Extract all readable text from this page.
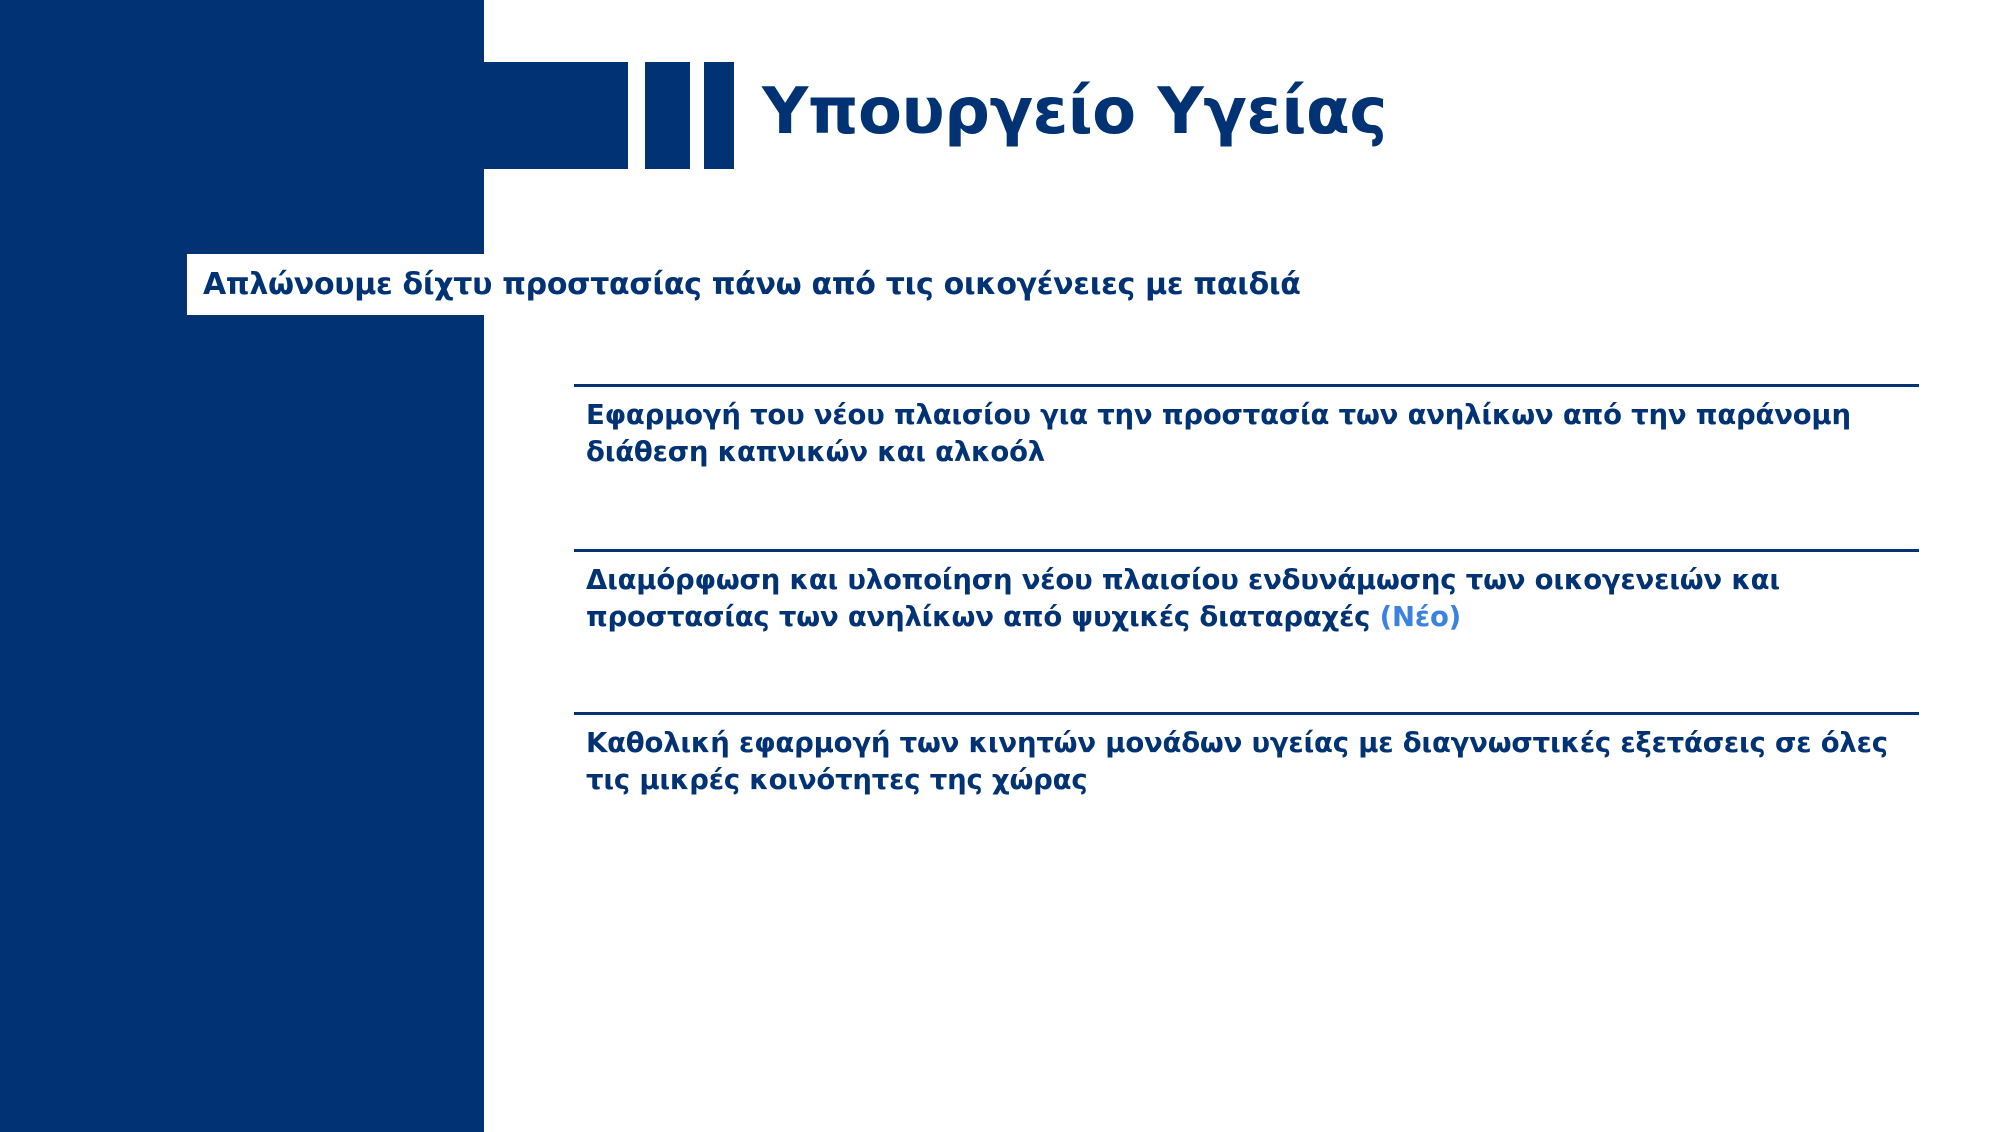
Υπουργείο Υγείας
Απλώνουμε δίχτυ προστασίας πάνω από τις οικογένειες με παιδιά
Εφαρμογή του νέου πλαισίου για την προστασία των ανηλίκων από την παράνομη
διάθεση καπνικών και αλκοόλ
Διαμόρφωση και υλοποίηση νέου πλαισίου ενδυνάμωσης των οικογενειών και
προστασίας των ανηλίκων από ψυχικές διαταραχές (Νέο)
Καθολική εφαρμογή των κινητών μονάδων υγείας με διαγνωστικές εξετάσεις σε όλες
τις μικρές κοινότητες της χώρας
